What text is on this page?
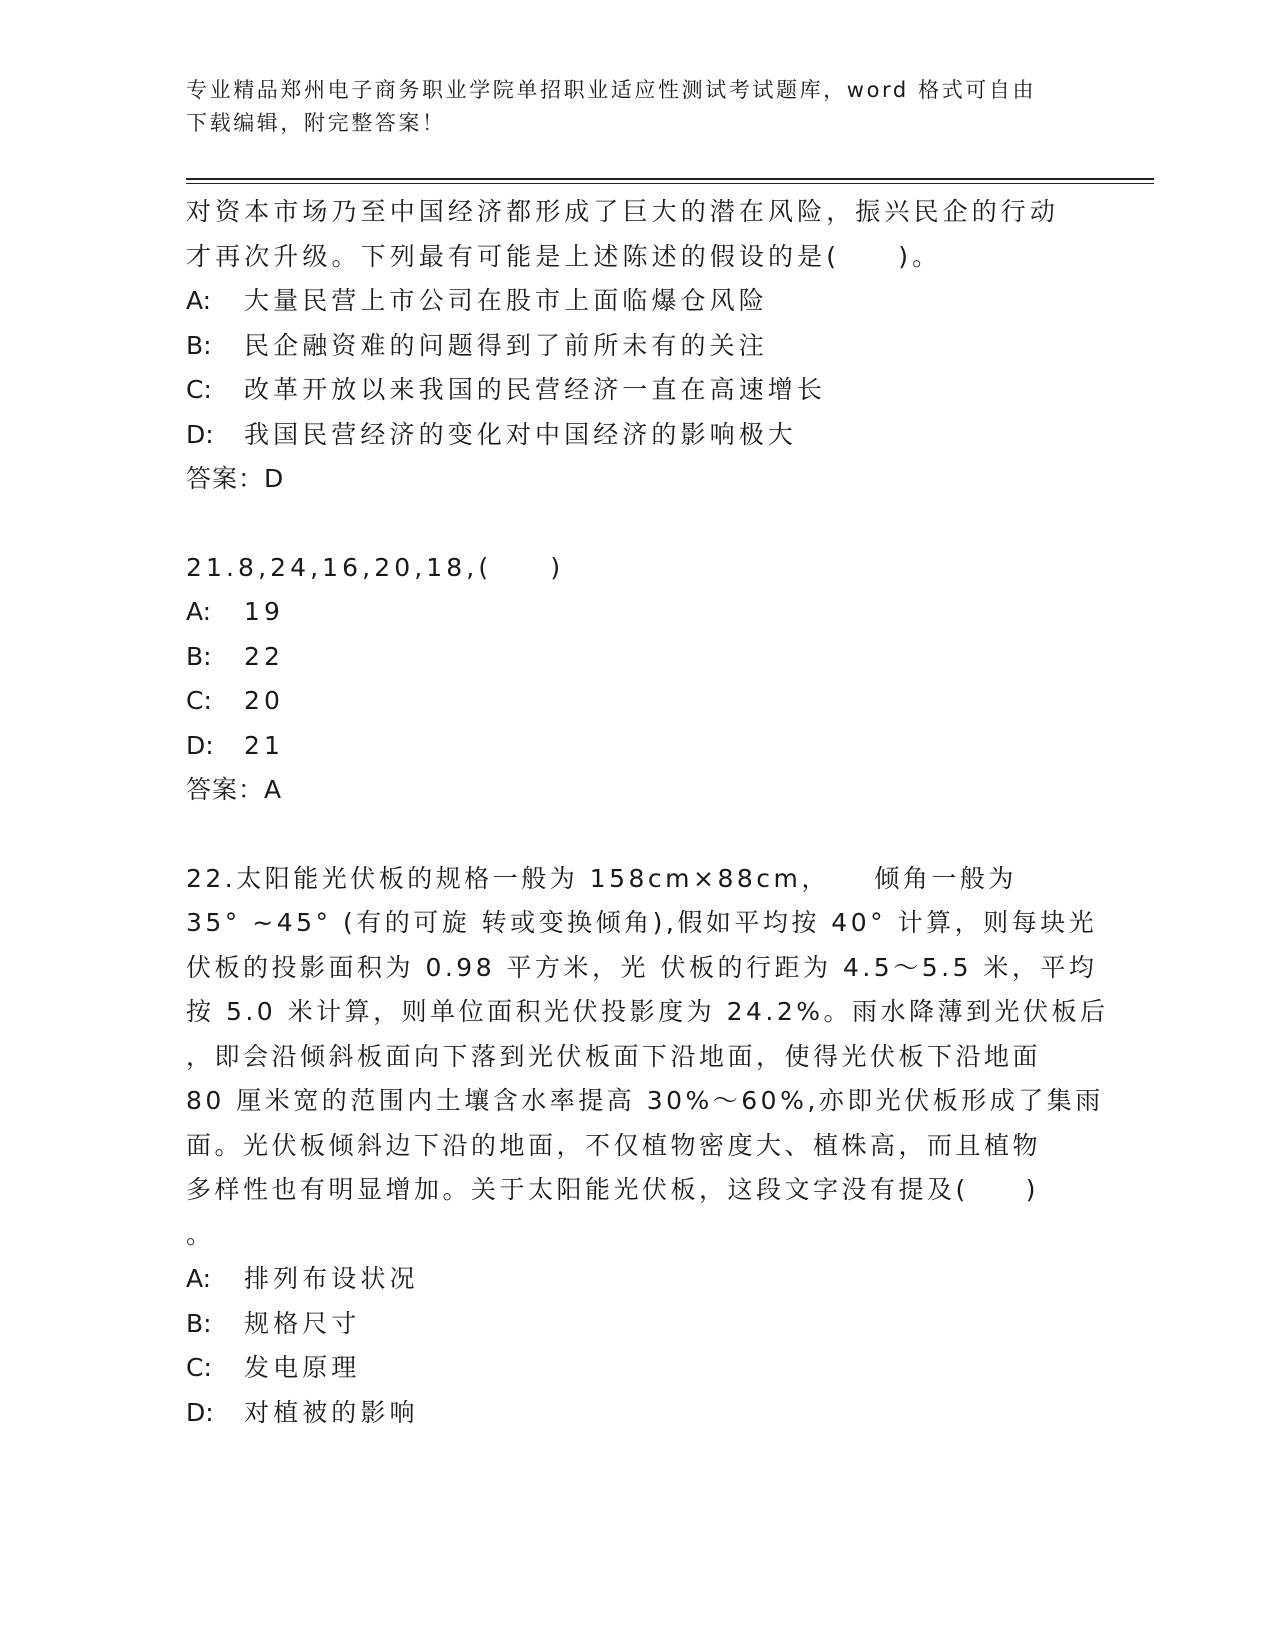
专业精品郑州电子商务职业学院单招职业适应性测试考试题库，word 格式可自由
下载编辑，附完整答案！
对资本市场乃至中国经济都形成了巨大的潜在风险，振兴民企的行动
才再次升级。下列最有可能是上述陈述的假设的是(　　)。
A:	大量民营上市公司在股市上面临爆仓风险
B:	民企融资难的问题得到了前所未有的关注
C:	改革开放以来我国的民营经济一直在高速增长
D:	我国民营经济的变化对中国经济的影响极大
答案：D
21.8,24,16,20,18,(　　)
A:	19
B:	22
C:	20
D:	21
答案：A
22.太阳能光伏板的规格一般为 158cm×88cm，　　倾角一般为
35° ~45° (有的可旋 转或变换倾角),假如平均按 40° 计算，则每块光
伏板的投影面积为 0.98 平方米，光 伏板的行距为 4.5～5.5 米，平均
按 5.0 米计算，则单位面积光伏投影度为 24.2%。雨水降薄到光伏板后
，即会沿倾斜板面向下落到光伏板面下沿地面，使得光伏板下沿地面
80 厘米宽的范围内土壤含水率提高 30%～60%,亦即光伏板形成了集雨
面。光伏板倾斜边下沿的地面，不仅植物密度大、植株高，而且植物
多样性也有明显增加。关于太阳能光伏板，这段文字没有提及(　　)
。
A:	排列布设状况
B:	规格尺寸
C:	发电原理
D:	对植被的影响
